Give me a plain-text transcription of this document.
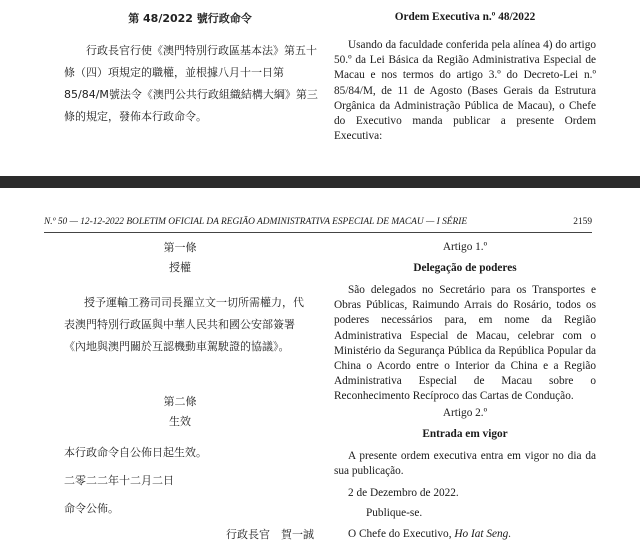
第 48/2022 號行政命令
行政長官行使《澳門特別行政區基本法》第五十條（四）項規定的職權，並根據八月十一日第85/84/M號法令《澳門公共行政組織結構大綱》第三條的規定，發佈本行政命令。
Ordem Executiva n.º 48/2022
Usando da faculdade conferida pela alínea 4) do artigo 50.º da Lei Básica da Região Administrativa Especial de Macau e nos termos do artigo 3.º do Decreto-Lei n.º 85/84/M, de 11 de Agosto (Bases Gerais da Estrutura Orgânica da Administração Pública de Macau), o Chefe do Executivo manda publicar a presente Ordem Executiva:
N.º 50 — 12-12-2022 BOLETIM OFICIAL DA REGIÃO ADMINISTRATIVA ESPECIAL DE MACAU — I SÉRIE	2159
第一條
授權
授予運輸工務司司長羅立文一切所需權力，代表澳門特別行政區與中華人民共和國公安部簽署《內地與澳門關於互認機動車駕駛證的協議》。
第二條
生效
本行政命令自公佈日起生效。
二零二二年十二月二日
命令公佈。
行政長官　賀一誠
Artigo 1.º
Delegação de poderes
São delegados no Secretário para os Transportes e Obras Públicas, Raimundo Arrais do Rosário, todos os poderes necessários para, em nome da Região Administrativa Especial de Macau, celebrar com o Ministério da Segurança Pública da República Popular da China o Acordo entre o Interior da China e a Região Administrativa Especial de Macau sobre o Reconhecimento Recíproco das Cartas de Condução.
Artigo 2.º
Entrada em vigor
A presente ordem executiva entra em vigor no dia da sua publicação.
2 de Dezembro de 2022.
Publique-se.
O Chefe do Executivo, Ho Iat Seng.
